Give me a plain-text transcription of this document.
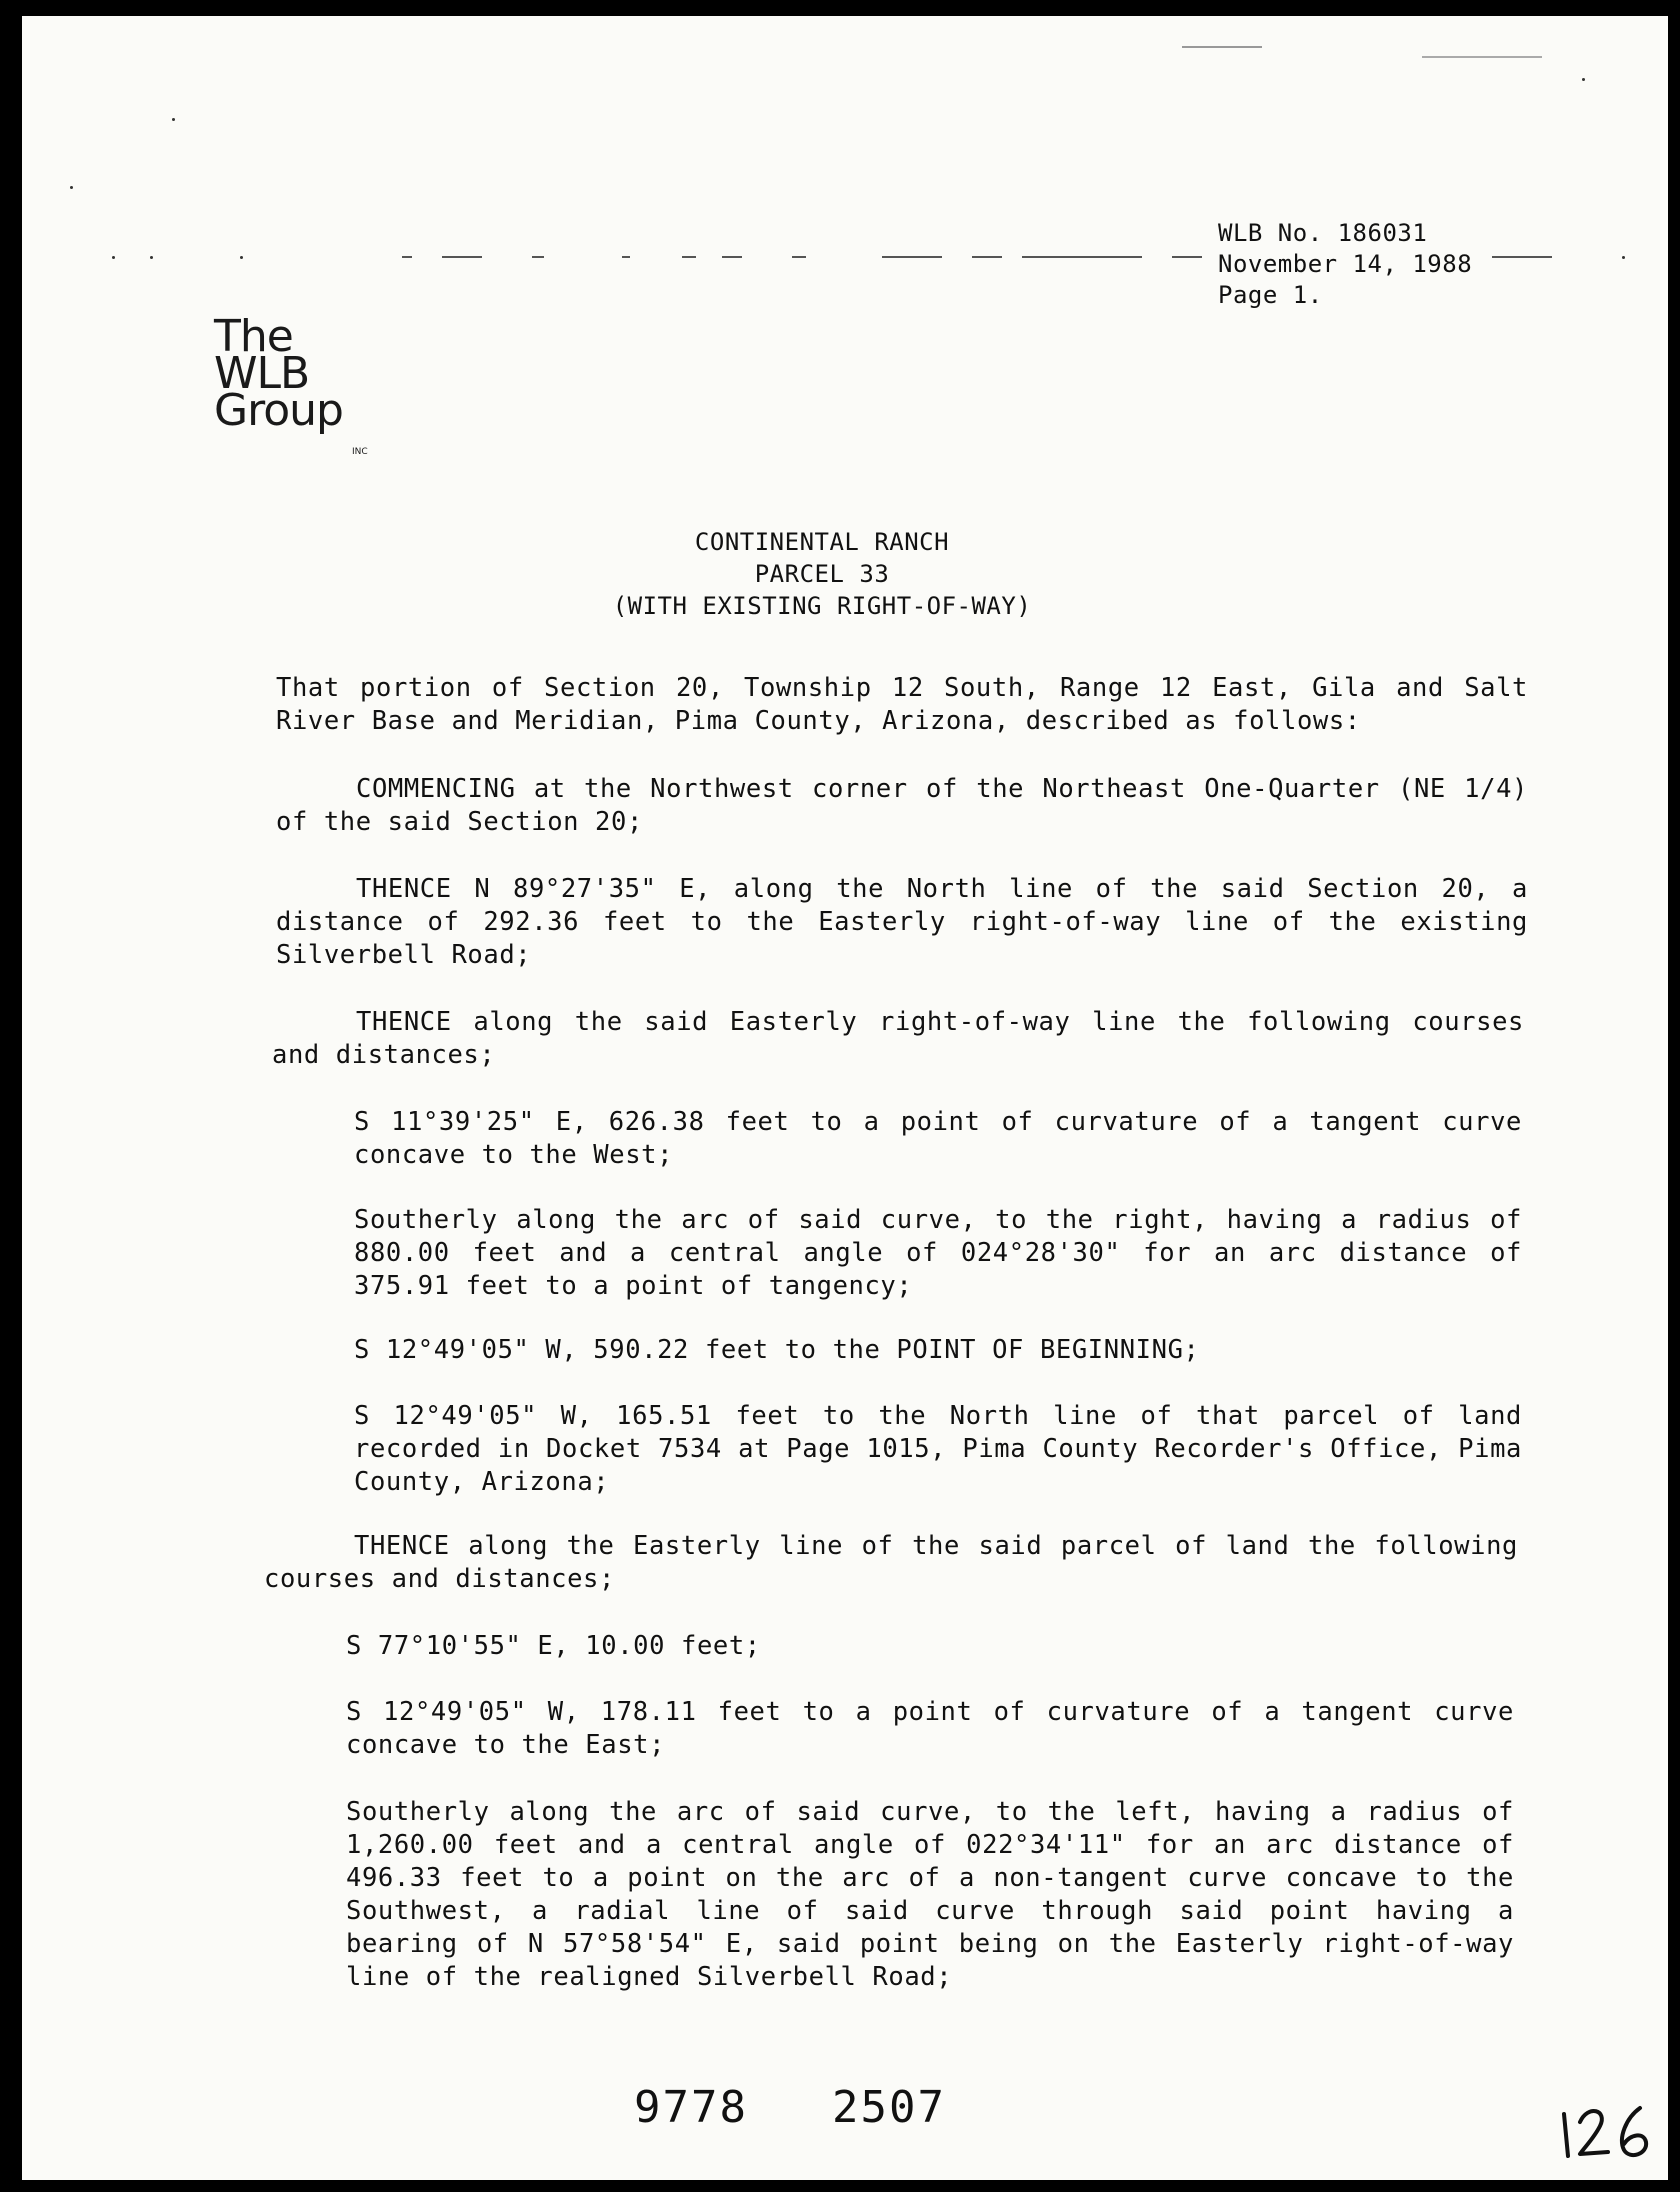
WLB No. 186031
November 14, 1988
Page 1.
The
WLB
Group
INC
CONTINENTAL RANCH
PARCEL 33
(WITH EXISTING RIGHT-OF-WAY)
That portion of Section 20, Township 12 South, Range 12 East, Gila and Salt River Base and Meridian, Pima County, Arizona, described as follows:
COMMENCING at the Northwest corner of the Northeast One-Quarter (NE 1/4) of the said Section 20;
THENCE N 89°27'35" E, along the North line of the said Section 20, a distance of 292.36 feet to the Easterly right-of-way line of the existing Silverbell Road;
THENCE along the said Easterly right-of-way line the following courses and distances;
S 11°39'25" E, 626.38 feet to a point of curvature of a tangent curve concave to the West;
Southerly along the arc of said curve, to the right, having a radius of 880.00 feet and a central angle of 024°28'30" for an arc distance of 375.91 feet to a point of tangency;
S 12°49'05" W, 590.22 feet to the POINT OF BEGINNING;
S 12°49'05" W, 165.51 feet to the North line of that parcel of land recorded in Docket 7534 at Page 1015, Pima County Recorder's Office, Pima County, Arizona;
THENCE along the Easterly line of the said parcel of land the following courses and distances;
S 77°10'55" E, 10.00 feet;
S 12°49'05" W, 178.11 feet to a point of curvature of a tangent curve concave to the East;
Southerly along the arc of said curve, to the left, having a radius of 1,260.00 feet and a central angle of 022°34'11" for an arc distance of 496.33 feet to a point on the arc of a non-tangent curve concave to the Southwest, a radial line of said curve through said point having a bearing of N 57°58'54" E, said point being on the Easterly right-of-way line of the realigned Silverbell Road;
9778 2507
